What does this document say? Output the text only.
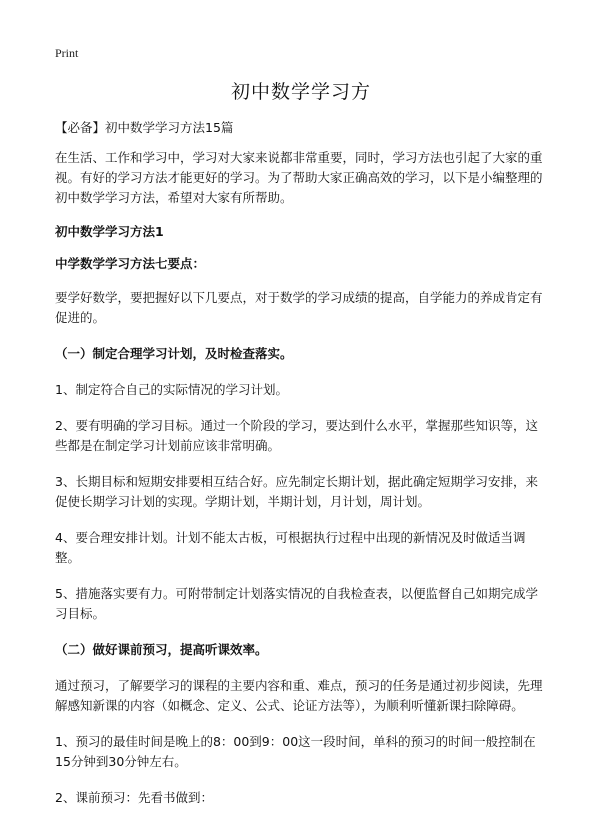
Print
初中数学学习方

【必备】初中数学学习方法15篇

在生活、工作和学习中，学习对大家来说都非常重要，同时，学习方法也引起了大家的重视。有好的学习方法才能更好的学习。为了帮助大家正确高效的学习，以下是小编整理的初中数学学习方法，希望对大家有所帮助。

初中数学学习方法1

中学数学学习方法七要点：

要学好数学，要把握好以下几要点，对于数学的学习成绩的提高，自学能力的养成肯定有促进的。

（一）制定合理学习计划，及时检查落实。

1、制定符合自己的实际情况的学习计划。

2、要有明确的学习目标。通过一个阶段的学习，要达到什么水平，掌握那些知识等，这些都是在制定学习计划前应该非常明确。

3、长期目标和短期安排要相互结合好。应先制定长期计划，据此确定短期学习安排，来促使长期学习计划的实现。学期计划，半期计划，月计划，周计划。

4、要合理安排计划。计划不能太古板，可根据执行过程中出现的新情况及时做适当调整。

5、措施落实要有力。可附带制定计划落实情况的自我检查表，以便监督自己如期完成学习目标。

（二）做好课前预习，提高听课效率。

通过预习，了解要学习的课程的主要内容和重、难点，预习的任务是通过初步阅读，先理解感知新课的内容（如概念、定义、公式、论证方法等），为顺利听懂新课扫除障碍。

1、预习的最佳时间是晚上的8：00到9：00这一段时间，单科的预习的时间一般控制在15分钟到30分钟左右。

2、课前预习：先看书做到：
